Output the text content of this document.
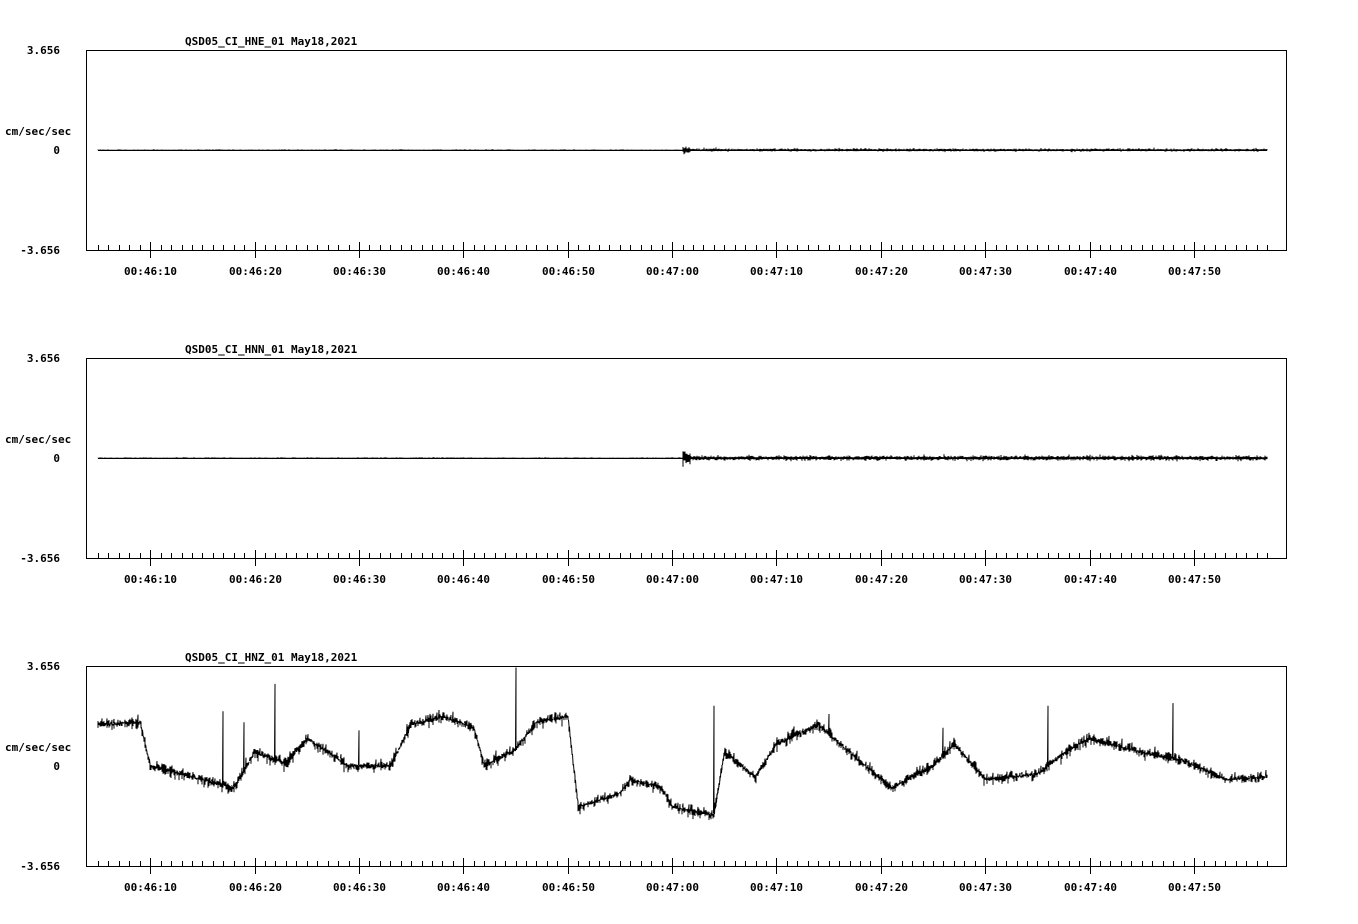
QSD05_CI_HNE_01 May18,2021
3.656
0
-3.656
cm/sec/sec
00:46:10	00:46:20	00:46:30	00:46:40	00:46:50	00:47:00	00:47:10	00:47:20	00:47:30	00:47:40	00:47:50
QSD05_CI_HNN_01 May18,2021
3.656
0
-3.656
cm/sec/sec
00:46:10	00:46:20	00:46:30	00:46:40	00:46:50	00:47:00	00:47:10	00:47:20	00:47:30	00:47:40	00:47:50
QSD05_CI_HNZ_01 May18,2021
3.656
0
-3.656
cm/sec/sec
00:46:10	00:46:20	00:46:30	00:46:40	00:46:50	00:47:00	00:47:10	00:47:20	00:47:30	00:47:40	00:47:50
